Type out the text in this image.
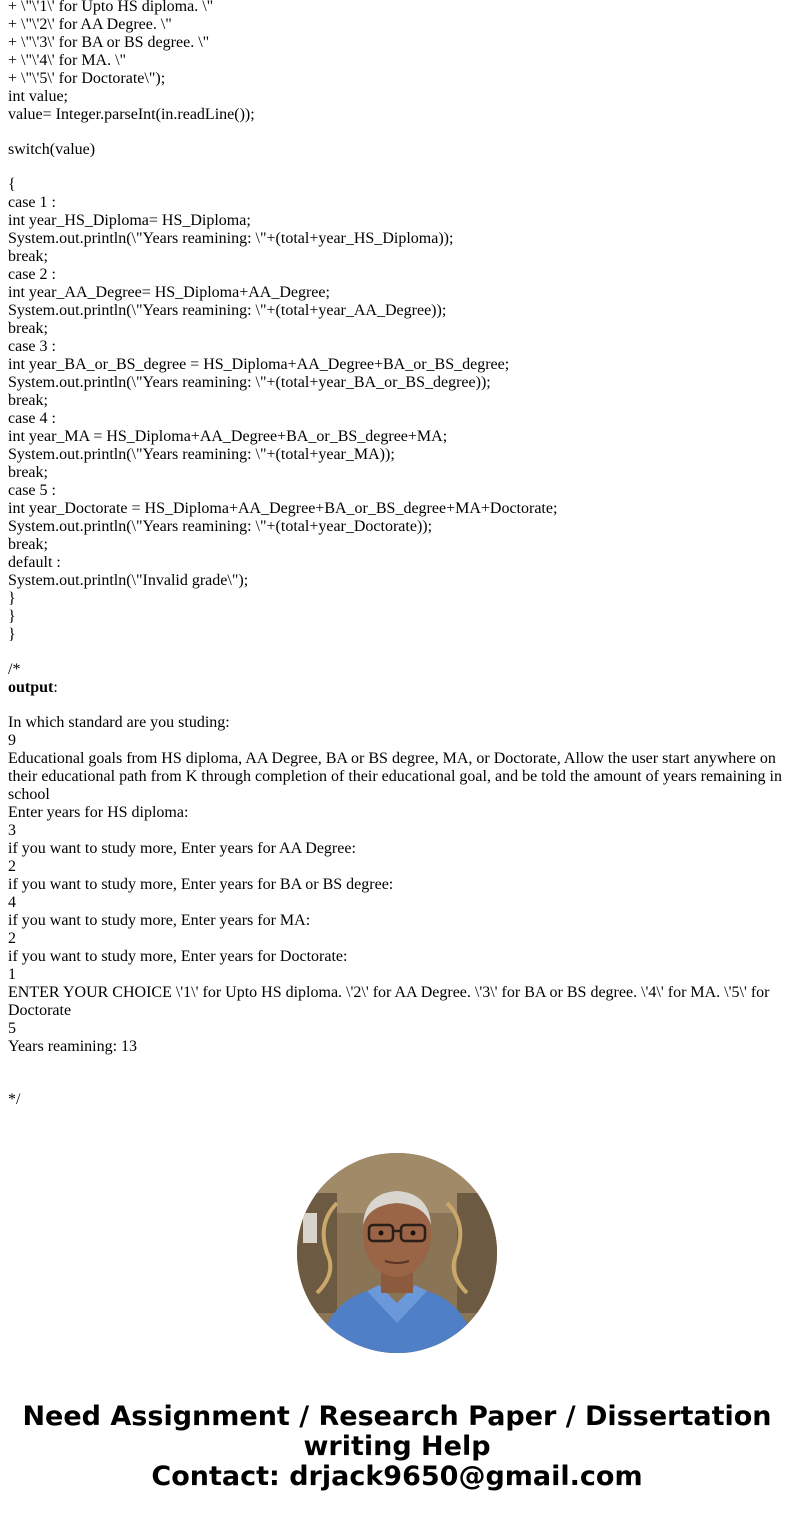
+ \"\'1\' for Upto HS diploma. \"
+ \"\'2\' for AA Degree. \"
+ \"\'3\' for BA or BS degree. \"
+ \"\'4\' for MA. \"
+ \"\'5\' for Doctorate\");
int value;
value= Integer.parseInt(in.readLine());
switch(value)
{
case 1 :
int year_HS_Diploma= HS_Diploma;
System.out.println(\"Years reamining: \"+(total+year_HS_Diploma));
break;
case 2 :
int year_AA_Degree= HS_Diploma+AA_Degree;
System.out.println(\"Years reamining: \"+(total+year_AA_Degree));
break;
case 3 :
int year_BA_or_BS_degree = HS_Diploma+AA_Degree+BA_or_BS_degree;
System.out.println(\"Years reamining: \"+(total+year_BA_or_BS_degree));
break;
case 4 :
int year_MA = HS_Diploma+AA_Degree+BA_or_BS_degree+MA;
System.out.println(\"Years reamining: \"+(total+year_MA));
break;
case 5 :
int year_Doctorate = HS_Diploma+AA_Degree+BA_or_BS_degree+MA+Doctorate;
System.out.println(\"Years reamining: \"+(total+year_Doctorate));
break;
default :
System.out.println(\"Invalid grade\");
}
}
}
/*
output:
In which standard are you studing:
9
Educational goals from HS diploma, AA Degree, BA or BS degree, MA, or Doctorate, Allow the user start anywhere on their educational path from K through completion of their educational goal, and be told the amount of years remaining in school
Enter years for HS diploma:
3
if you want to study more, Enter years for AA Degree:
2
if you want to study more, Enter years for BA or BS degree:
4
if you want to study more, Enter years for MA:
2
if you want to study more, Enter years for Doctorate:
1
ENTER YOUR CHOICE \'1\' for Upto HS diploma. \'2\' for AA Degree. \'3\' for BA or BS degree. \'4\' for MA. \'5\' for Doctorate
5
Years reamining: 13
*/
Need Assignment / Research Paper / Dissertation
writing Help
Contact: drjack9650@gmail.com
